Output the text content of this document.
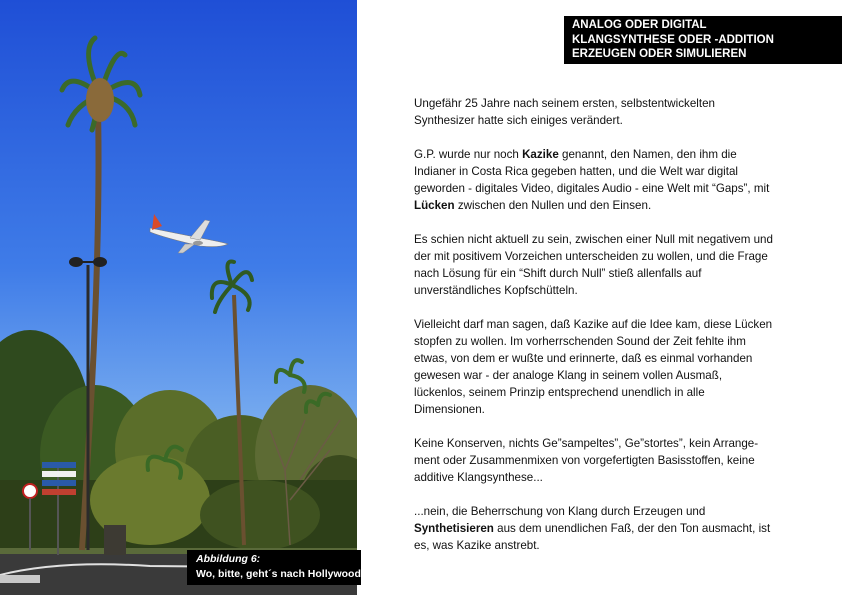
Abbildung 6:
Wo, bitte, geht´s nach Hollywood?
ANALOG ODER DIGITAL
KLANGSYNTHESE ODER -ADDITION
ERZEUGEN ODER SIMULIEREN

Ungefähr 25 Jahre nach seinem ersten, selbstentwickelten Synthesizer hatte sich einiges verändert.

G.P. wurde nur noch Kazike genannt, den Namen, den ihm die Indianer in Costa Rica gegeben hatten, und die Welt war digital geworden - digitales Video, digitales Audio - eine Welt mit “Gaps”, mit Lücken zwischen den Nullen und den Einsen.

Es schien nicht aktuell zu sein, zwischen einer Null mit negativem und der mit positivem Vorzeichen unterscheiden zu wollen, und die Frage nach Lösung für ein “Shift durch Null” stieß allenfalls auf unverständliches Kopfschütteln.

Vielleicht darf man sagen, daß Kazike auf die Idee kam, diese Lücken stopfen zu wollen. Im vorherrschenden Sound der Zeit fehlte ihm etwas, von dem er wußte und erinnerte, daß es einmal vorhanden gewesen war - der analoge Klang in seinem vollen Ausmaß, lückenlos, seinem Prinzip entsprechend unendlich in alle Dimensionen.

Keine Konserven, nichts Ge”sampeltes”, Ge”stortes”, kein Arrange-ment oder Zusammenmixen von vorgefertigten Basisstoffen, keine additive Klangsynthese...

...nein, die Beherrschung von Klang durch Erzeugen und Synthetisieren aus dem unendlichen Faß, der den Ton ausmacht, ist es, was Kazike anstrebt.
